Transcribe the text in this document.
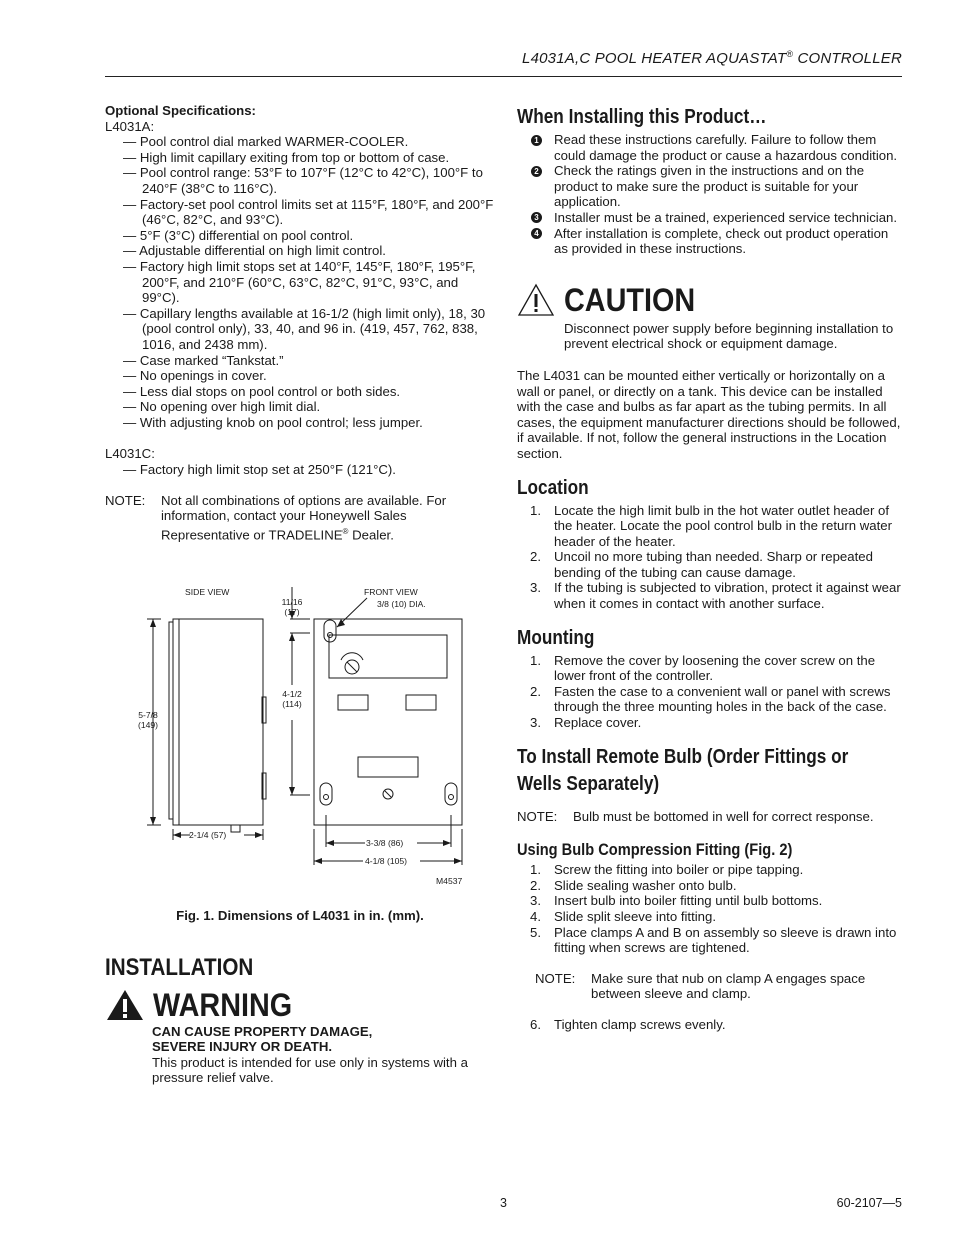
L4031A,C POOL HEATER AQUASTAT® CONTROLLER
Optional Specifications:
L4031A:
— Pool control dial marked WARMER-COOLER.
— High limit capillary exiting from top or bottom of case.
— Pool control range: 53°F to 107°F (12°C to 42°C), 100°F to 240°F (38°C to 116°C).
— Factory-set pool control limits set at 115°F, 180°F, and 200°F (46°C, 82°C, and 93°C).
— 5°F (3°C) differential on pool control.
— Adjustable differential on high limit control.
— Factory high limit stops set at 140°F, 145°F, 180°F, 195°F, 200°F, and 210°F (60°C, 63°C, 82°C, 91°C, 93°C, and 99°C).
— Capillary lengths available at 16-1/2 (high limit only), 18, 30 (pool control only), 33, 40, and 96 in. (419, 457, 762, 838, 1016, and 2438 mm).
— Case marked “Tankstat.”
— No openings in cover.
— Less dial stops on pool control or both sides.
— No opening over high limit dial.
— With adjusting knob on pool control; less jumper.
L4031C:
— Factory high limit stop set at 250°F (121°C).
NOTE:	Not all combinations of options are available. For information, contact your Honeywell Sales Representative or TRADELINE® Dealer.
SIDE VIEW	FRONT VIEW
3/8 (10) DIA.
11/16
(17)
4-1/2
(114)
5-7/8
(149)
2-1/4 (57)
3-3/8 (86)
4-1/8 (105)
M4537
Fig. 1. Dimensions of L4031 in in. (mm).
INSTALLATION
WARNING
CAN CAUSE PROPERTY DAMAGE,
SEVERE INJURY OR DEATH.
This product is intended for use only in systems with a pressure relief valve.
When Installing this Product…
1 Read these instructions carefully. Failure to follow them could damage the product or cause a hazardous condition.
2 Check the ratings given in the instructions and on the product to make sure the product is suitable for your application.
3 Installer must be a trained, experienced service technician.
4 After installation is complete, check out product operation as provided in these instructions.
CAUTION
Disconnect power supply before beginning installation to prevent electrical shock or equipment damage.
The L4031 can be mounted either vertically or horizontally on a wall or panel, or directly on a tank. This device can be installed with the case and bulbs as far apart as the tubing permits. In all cases, the equipment manufacturer directions should be followed, if available. If not, follow the general instructions in the Location section.
Location
1. Locate the high limit bulb in the hot water outlet header of the heater. Locate the pool control bulb in the return water header of the heater.
2. Uncoil no more tubing than needed. Sharp or repeated bending of the tubing can cause damage.
3. If the tubing is subjected to vibration, protect it against wear when it comes in contact with another surface.
Mounting
1. Remove the cover by loosening the cover screw on the lower front of the controller.
2. Fasten the case to a convenient wall or panel with screws through the three mounting holes in the back of the case.
3. Replace cover.
To Install Remote Bulb (Order Fittings or
Wells Separately)
NOTE:	Bulb must be bottomed in well for correct response.
Using Bulb Compression Fitting (Fig. 2)
1. Screw the fitting into boiler or pipe tapping.
2. Slide sealing washer onto bulb.
3. Insert bulb into boiler fitting until bulb bottoms.
4. Slide split sleeve into fitting.
5. Place clamps A and B on assembly so sleeve is drawn into fitting when screws are tightened.
NOTE:	Make sure that nub on clamp A engages space between sleeve and clamp.
6. Tighten clamp screws evenly.
3	60-2107—5
